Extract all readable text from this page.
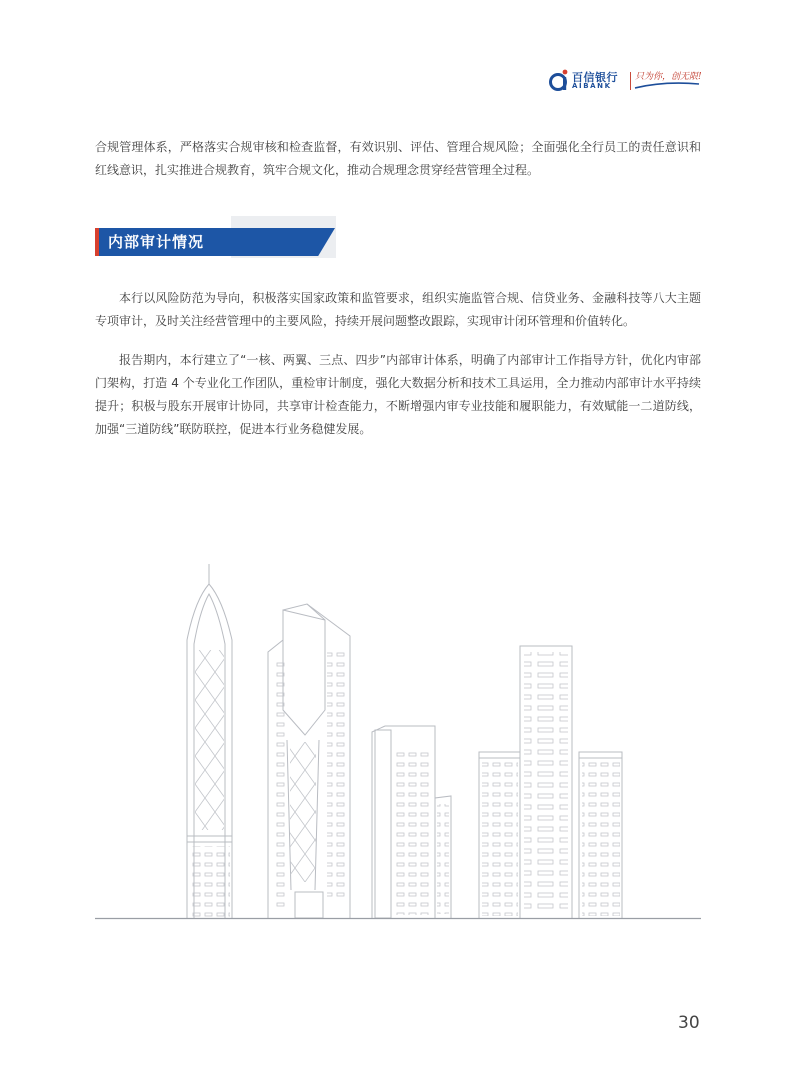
百信银行
AIBANK
只为你，创无限!

合规管理体系，严格落实合规审核和检查监督，有效识别、评估、管理合规风险；全面强化全行员工的责任意识和红线意识，扎实推进合规教育，筑牢合规文化，推动合规理念贯穿经营管理全过程。

内部审计情况

本行以风险防范为导向，积极落实国家政策和监管要求，组织实施监管合规、信贷业务、金融科技等八大主题专项审计，及时关注经营管理中的主要风险，持续开展问题整改跟踪，实现审计闭环管理和价值转化。

报告期内，本行建立了“一核、两翼、三点、四步”内部审计体系，明确了内部审计工作指导方针，优化内审部门架构，打造 4 个专业化工作团队，重检审计制度，强化大数据分析和技术工具运用，全力推动内部审计水平持续提升；积极与股东开展审计协同，共享审计检查能力，不断增强内审专业技能和履职能力，有效赋能一二道防线，加强“三道防线”联防联控，促进本行业务稳健发展。

30
